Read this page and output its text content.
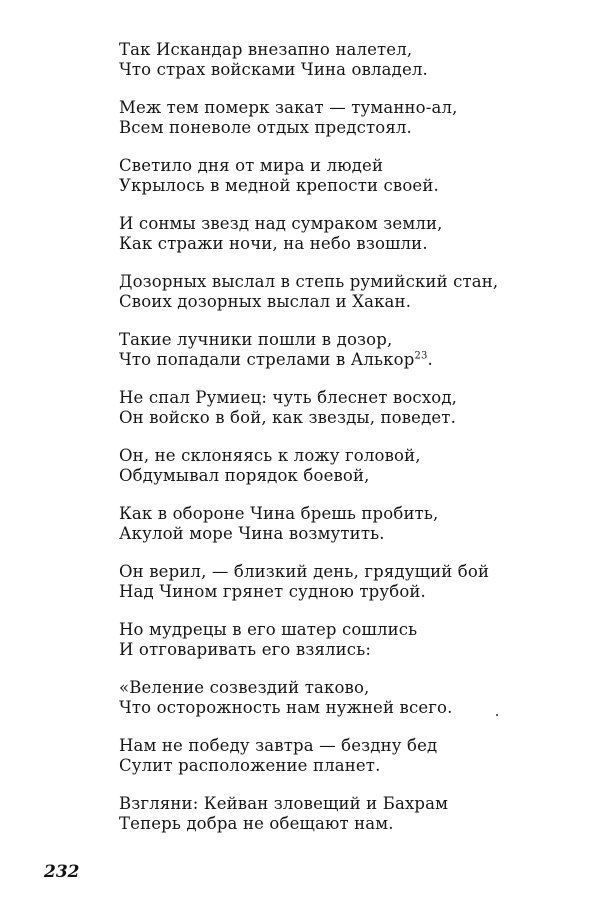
Так Искандар внезапно налетел,
Что страх войсками Чина овладел.
Меж тем померк закат — туманно-ал,
Всем поневоле отдых предстоял.
Светило дня от мира и людей
Укрылось в медной крепости своей.
И сонмы звезд над сумраком земли,
Как стражи ночи, на небо взошли.
Дозорных выслал в степь румийский стан,
Своих дозорных выслал и Хакан.
Такие лучники пошли в дозор,
Что попадали стрелами в Алькор$^{23}$.
Не спал Румиец: чуть блеснет восход,
Он войско в бой, как звезды, поведет.
Он, не склоняясь к ложу головой,
Обдумывал порядок боевой,
Как в обороне Чина брешь пробить,
Акулой море Чина возмутить.
Он верил, — близкий день, грядущий бой
Над Чином грянет судною трубой.
Но мудрецы в его шатер сошлись
И отговаривать его взялись:
«Веление созвездий таково,
Что осторожность нам нужней всего.
Нам не победу завтра — бездну бед
Сулит расположение планет.
Взгляни: Кейван зловещий и Бахрам
Теперь добра не обещают нам.
232
